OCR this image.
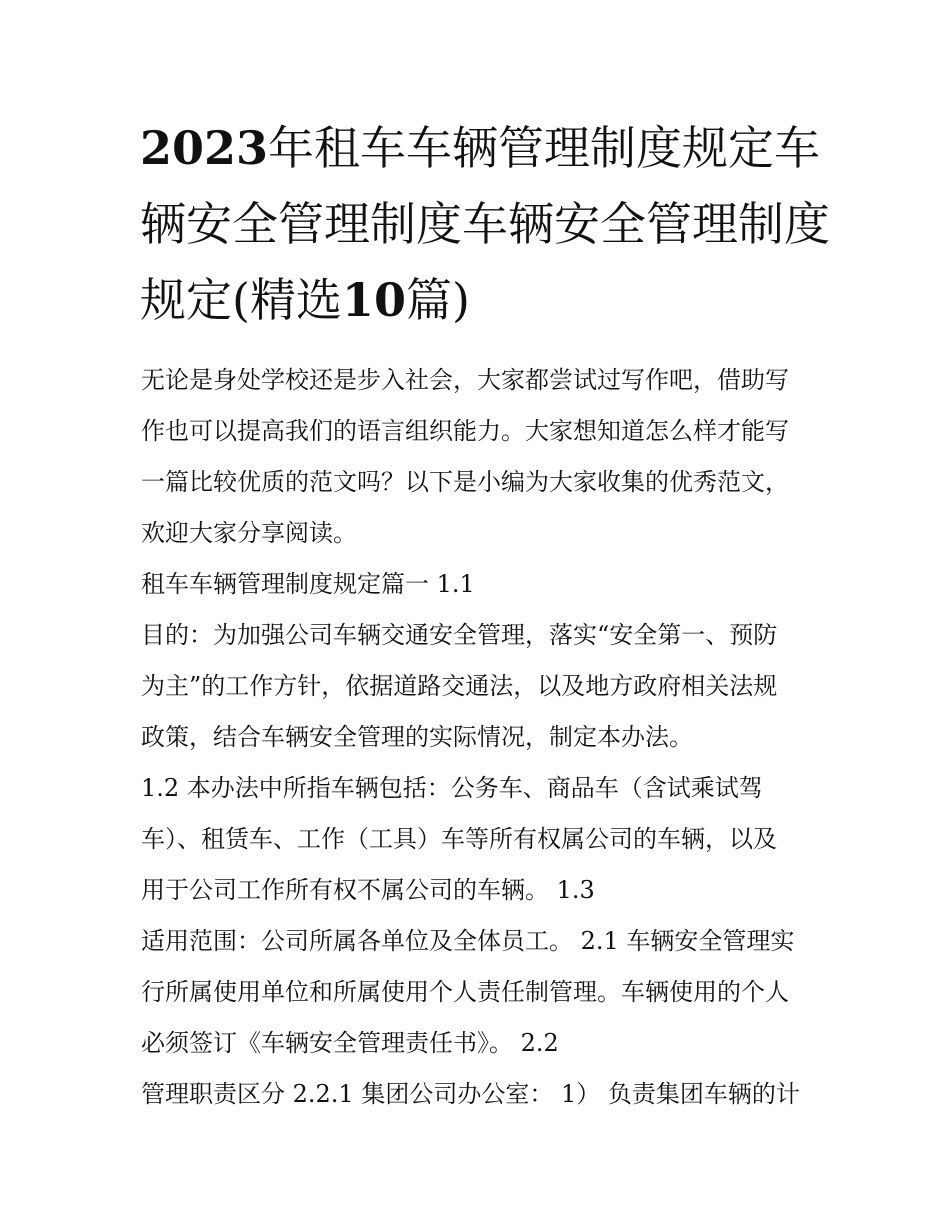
2023年租车车辆管理制度规定车辆安全管理制度车辆安全管理制度规定(精选10篇)

无论是身处学校还是步入社会，大家都尝试过写作吧，借助写

作也可以提高我们的语言组织能力。大家想知道怎么样才能写

一篇比较优质的范文吗？以下是小编为大家收集的优秀范文，

欢迎大家分享阅读。

租车车辆管理制度规定篇一 1.1

目的：为加强公司车辆交通安全管理，落实“安全第一、预防

为主”的工作方针，依据道路交通法，以及地方政府相关法规

政策，结合车辆安全管理的实际情况，制定本办法。

1.2 本办法中所指车辆包括：公务车、商品车（含试乘试驾

车）、租赁车、工作（工具）车等所有权属公司的车辆，以及

用于公司工作所有权不属公司的车辆。 1.3

适用范围：公司所属各单位及全体员工。 2.1 车辆安全管理实

行所属使用单位和所属使用个人责任制管理。车辆使用的个人

必须签订《车辆安全管理责任书》。 2.2

管理职责区分 2.2.1 集团公司办公室： 1） 负责集团车辆的计
